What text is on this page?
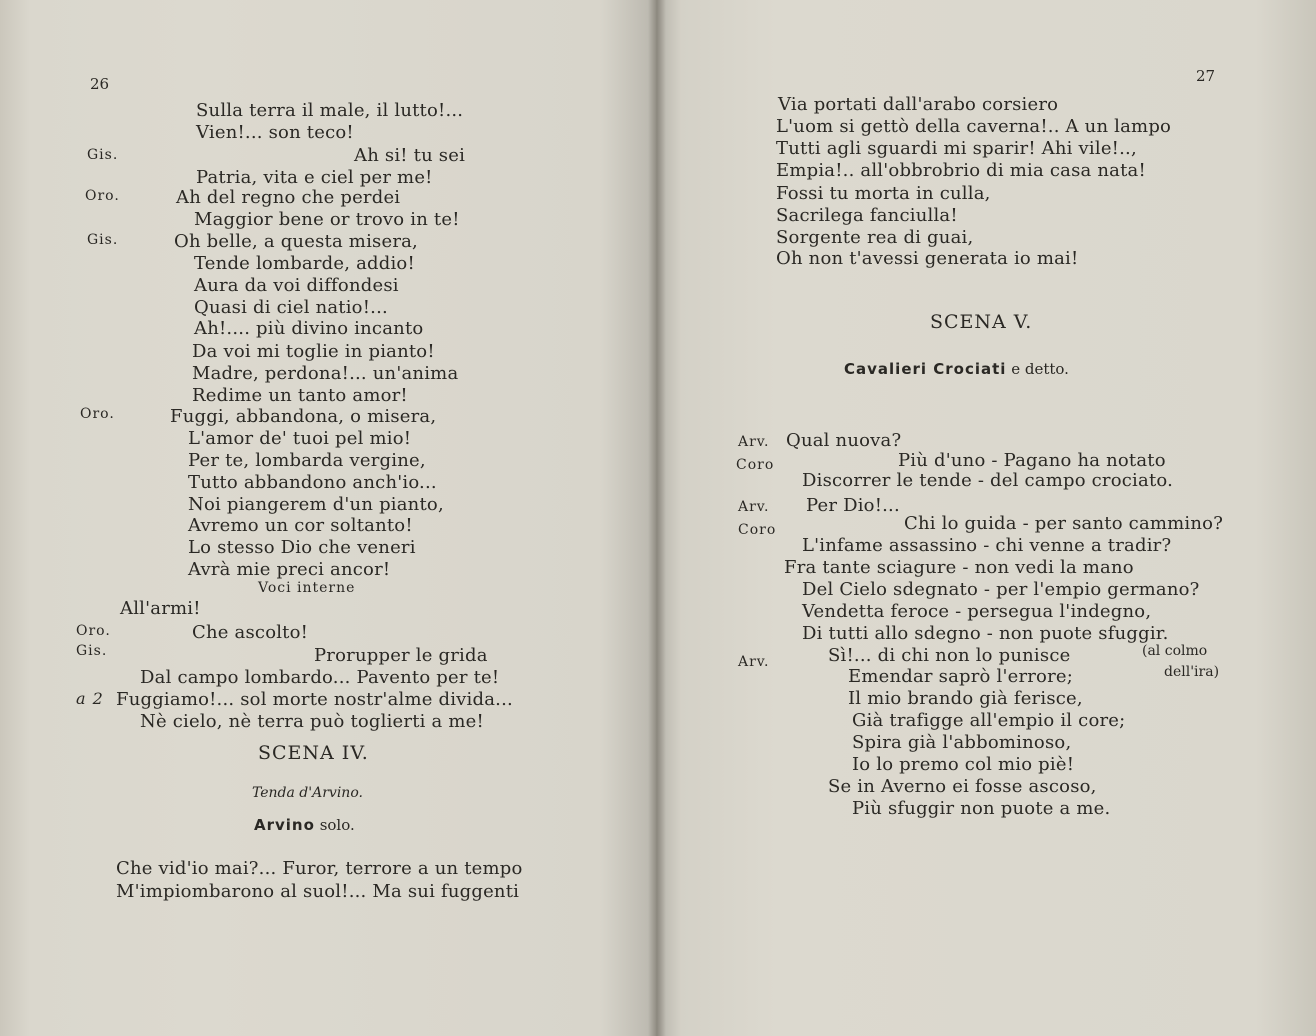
26
Sulla terra il male, il lutto!...
Vien!... son teco!
Gis.	Ah si! tu sei
Patria, vita e ciel per me!
Oro.	Ah del regno che perdei
Maggior bene or trovo in te!
Gis.	Oh belle, a questa misera,
Tende lombarde, addio!
Aura da voi diffondesi
Quasi di ciel natio!...
Ah!.... più divino incanto
Da voi mi toglie in pianto!
Madre, perdona!... un'anima
Redime un tanto amor!
Oro.	Fuggi, abbandona, o misera,
L'amor de' tuoi pel mio!
Per te, lombarda vergine,
Tutto abbandono anch'io...
Noi piangerem d'un pianto,
Avremo un cor soltanto!
Lo stesso Dio che veneri
Avrà mie preci ancor!
Voci interne
All'armi!
Oro.	Che ascolto!
Gis.	Prorupper le grida
Dal campo lombardo... Pavento per te!
a 2 Fuggiamo!... sol morte nostr'alme divida...
Nè cielo, nè terra può toglierti a me!
SCENA IV.
Tenda d'Arvino.
Arvino solo.
Che vid'io mai?... Furor, terrore a un tempo
M'impiombarono al suol!... Ma sui fuggenti
27
Via portati dall'arabo corsiero
L'uom si gettò della caverna!.. A un lampo
Tutti agli sguardi mi sparir! Ahi vile!..,
Empia!.. all'obbrobrio di mia casa nata!
Fossi tu morta in culla,
Sacrilega fanciulla!
Sorgente rea di guai,
Oh non t'avessi generata io mai!
SCENA V.
Cavalieri Crociati e detto.
Arv. Qual nuova?
Coro	Più d'uno - Pagano ha notato
Discorrer le tende - del campo crociato.
Arv. Per Dio!...
Coro	Chi lo guida - per santo cammino?
L'infame assassino - chi venne a tradir?
Fra tante sciagure - non vedi la mano
Del Cielo sdegnato - per l'empio germano?
Vendetta feroce - persegua l'indegno,
Di tutti allo sdegno - non puote sfuggir.
Arv.	Sì!... di chi non lo punisce	(al colmo
Emendar saprò l'errore;	dell'ira)
Il mio brando già ferisce,
Già trafigge all'empio il core;
Spira già l'abbominoso,
Io lo premo col mio piè!
Se in Averno ei fosse ascoso,
Più sfuggir non puote a me.
